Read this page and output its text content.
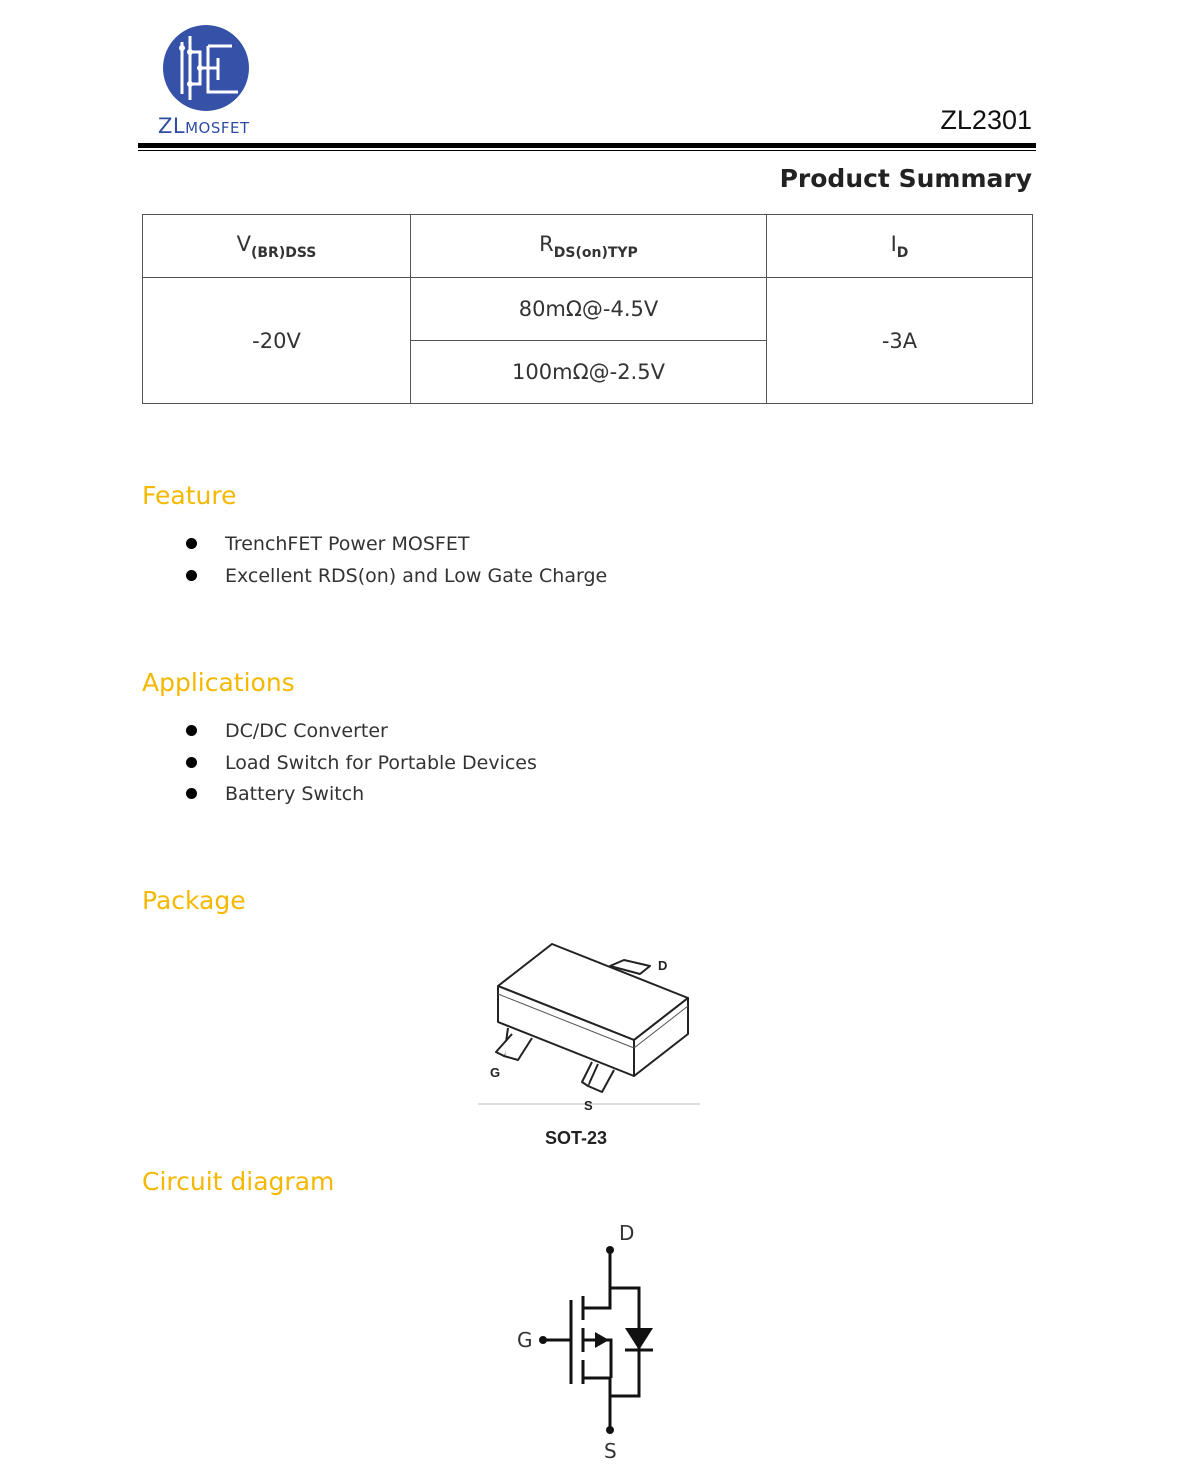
ZLMOSFET	ZL2301
Product Summary
$V_{(BR)DSS}$	$R_{DS(on)TYP}$	$I_D$
-20V	80mΩ@-4.5V	-3A
	100mΩ@-2.5V	
Feature
TrenchFET Power MOSFET
Excellent RDS(on) and Low Gate Charge
Applications
DC/DC Converter
Load Switch for Portable Devices
Battery Switch
Package
D
G
S
SOT-23
Circuit diagram
D
G
S
